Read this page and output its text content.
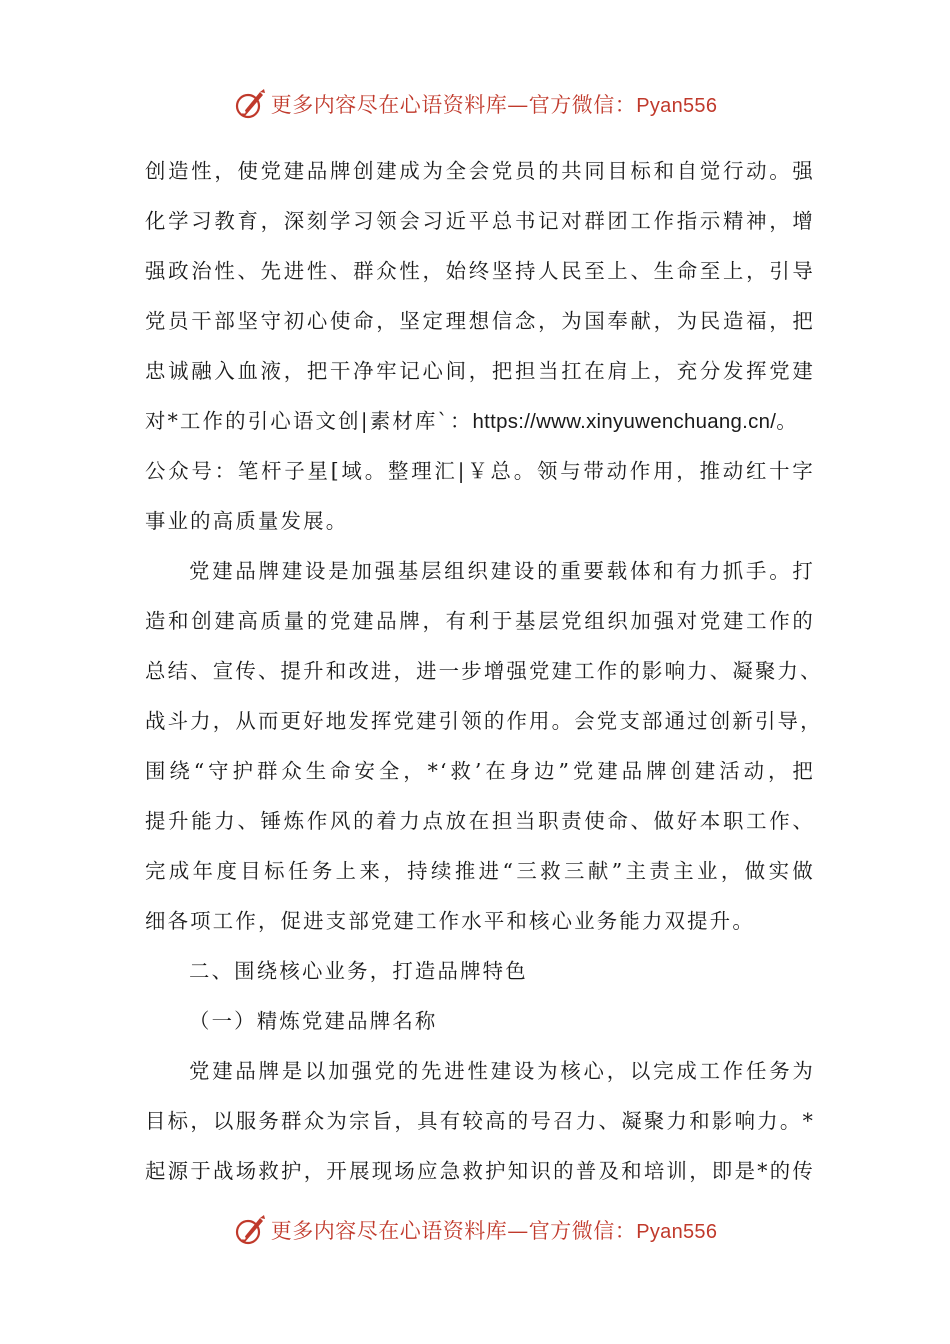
更多内容尽在心语资料库—官方微信：Pyan556
创造性，使党建品牌创建成为全会党员的共同目标和自觉行动。强
化学习教育，深刻学习领会习近平总书记对群团工作指示精神，增
强政治性、先进性、群众性，始终坚持人民至上、生命至上，引导
党员干部坚守初心使命，坚定理想信念，为国奉献，为民造福，把
忠诚融入血液，把干净牢记心间，把担当扛在肩上，充分发挥党建
对*工作的引心语文创|素材库`：https://www.xinyuwenchuang.cn/。
公众号：笔杆子星[域。整理汇|￥总。领与带动作用，推动红十字
事业的高质量发展。
党建品牌建设是加强基层组织建设的重要载体和有力抓手。打
造和创建高质量的党建品牌，有利于基层党组织加强对党建工作的
总结、宣传、提升和改进，进一步增强党建工作的影响力、凝聚力、
战斗力，从而更好地发挥党建引领的作用。会党支部通过创新引导，
围绕“守护群众生命安全，*‘救’在身边”党建品牌创建活动，把
提升能力、锤炼作风的着力点放在担当职责使命、做好本职工作、
完成年度目标任务上来，持续推进“三救三献”主责主业，做实做
细各项工作，促进支部党建工作水平和核心业务能力双提升。
二、围绕核心业务，打造品牌特色
（一）精炼党建品牌名称
党建品牌是以加强党的先进性建设为核心，以完成工作任务为
目标，以服务群众为宗旨，具有较高的号召力、凝聚力和影响力。*
起源于战场救护，开展现场应急救护知识的普及和培训，即是*的传
更多内容尽在心语资料库—官方微信：Pyan556
